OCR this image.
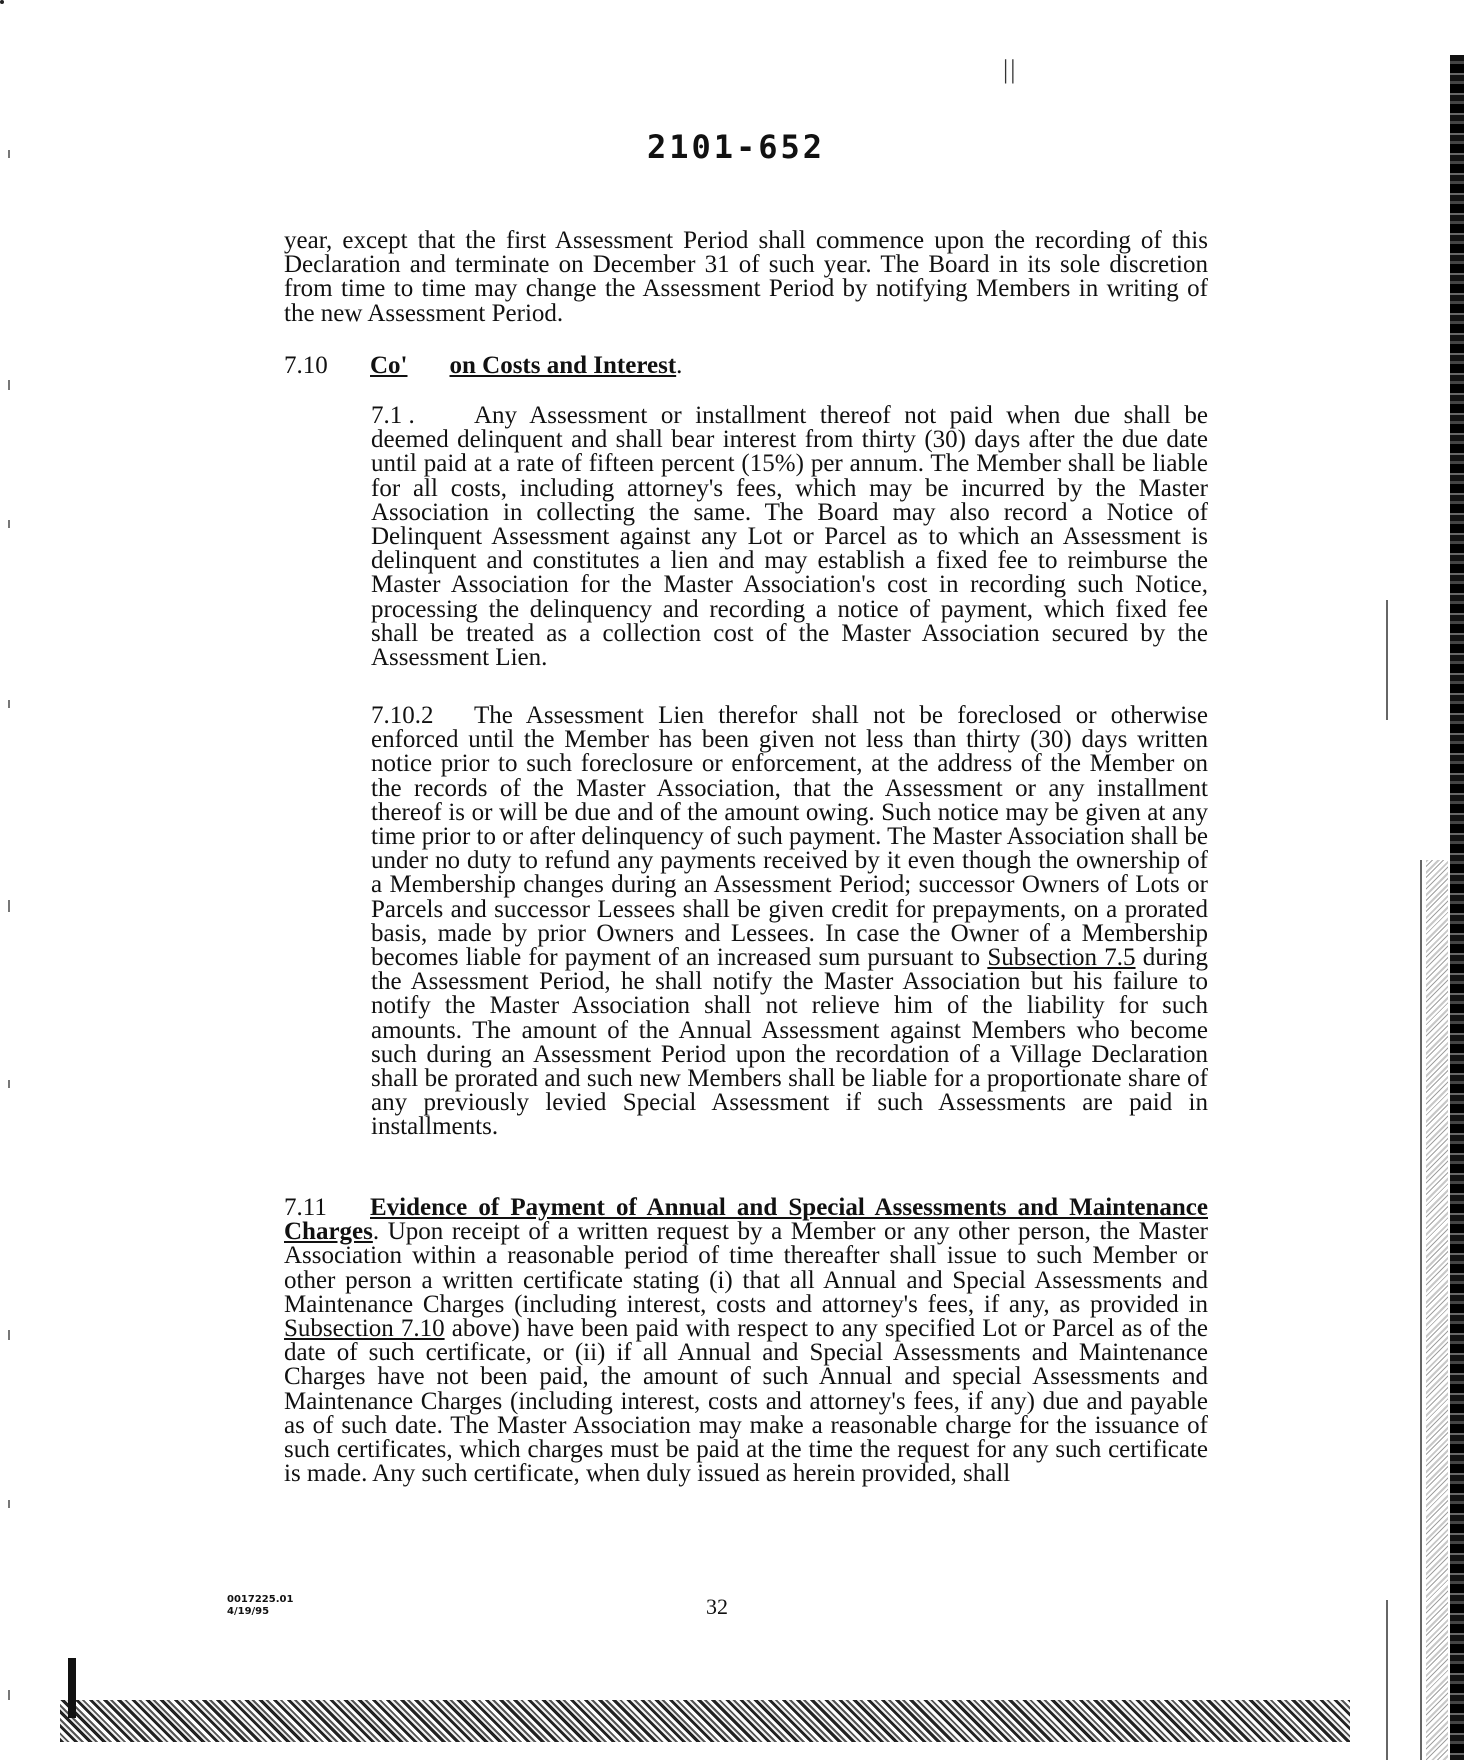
||
2101-652

year, except that the first Assessment Period shall commence upon the recording of this Declaration and terminate on December 31 of such year. The Board in its sole discretion from time to time may change the Assessment Period by notifying Members in writing of the new Assessment Period.

7.10 Co' on Costs and Interest.

7.1 . Any Assessment or installment thereof not paid when due shall be deemed delinquent and shall bear interest from thirty (30) days after the due date until paid at a rate of fifteen percent (15%) per annum. The Member shall be liable for all costs, including attorney's fees, which may be incurred by the Master Association in collecting the same. The Board may also record a Notice of Delinquent Assessment against any Lot or Parcel as to which an Assessment is delinquent and constitutes a lien and may establish a fixed fee to reimburse the Master Association for the Master Association's cost in recording such Notice, processing the delinquency and recording a notice of payment, which fixed fee shall be treated as a collection cost of the Master Association secured by the Assessment Lien.

7.10.2 The Assessment Lien therefor shall not be foreclosed or otherwise enforced until the Member has been given not less than thirty (30) days written notice prior to such foreclosure or enforcement, at the address of the Member on the records of the Master Association, that the Assessment or any installment thereof is or will be due and of the amount owing. Such notice may be given at any time prior to or after delinquency of such payment. The Master Association shall be under no duty to refund any payments received by it even though the ownership of a Membership changes during an Assessment Period; successor Owners of Lots or Parcels and successor Lessees shall be given credit for prepayments, on a prorated basis, made by prior Owners and Lessees. In case the Owner of a Membership becomes liable for payment of an increased sum pursuant to Subsection 7.5 during the Assessment Period, he shall notify the Master Association but his failure to notify the Master Association shall not relieve him of the liability for such amounts. The amount of the Annual Assessment against Members who become such during an Assessment Period upon the recordation of a Village Declaration shall be prorated and such new Members shall be liable for a proportionate share of any previously levied Special Assessment if such Assessments are paid in installments.

7.11 Evidence of Payment of Annual and Special Assessments and Maintenance Charges. Upon receipt of a written request by a Member or any other person, the Master Association within a reasonable period of time thereafter shall issue to such Member or other person a written certificate stating (i) that all Annual and Special Assessments and Maintenance Charges (including interest, costs and attorney's fees, if any, as provided in Subsection 7.10 above) have been paid with respect to any specified Lot or Parcel as of the date of such certificate, or (ii) if all Annual and Special Assessments and Maintenance Charges have not been paid, the amount of such Annual and special Assessments and Maintenance Charges (including interest, costs and attorney's fees, if any) due and payable as of such date. The Master Association may make a reasonable charge for the issuance of such certificates, which charges must be paid at the time the request for any such certificate is made. Any such certificate, when duly issued as herein provided, shall

0017225.01
4/19/95	32
